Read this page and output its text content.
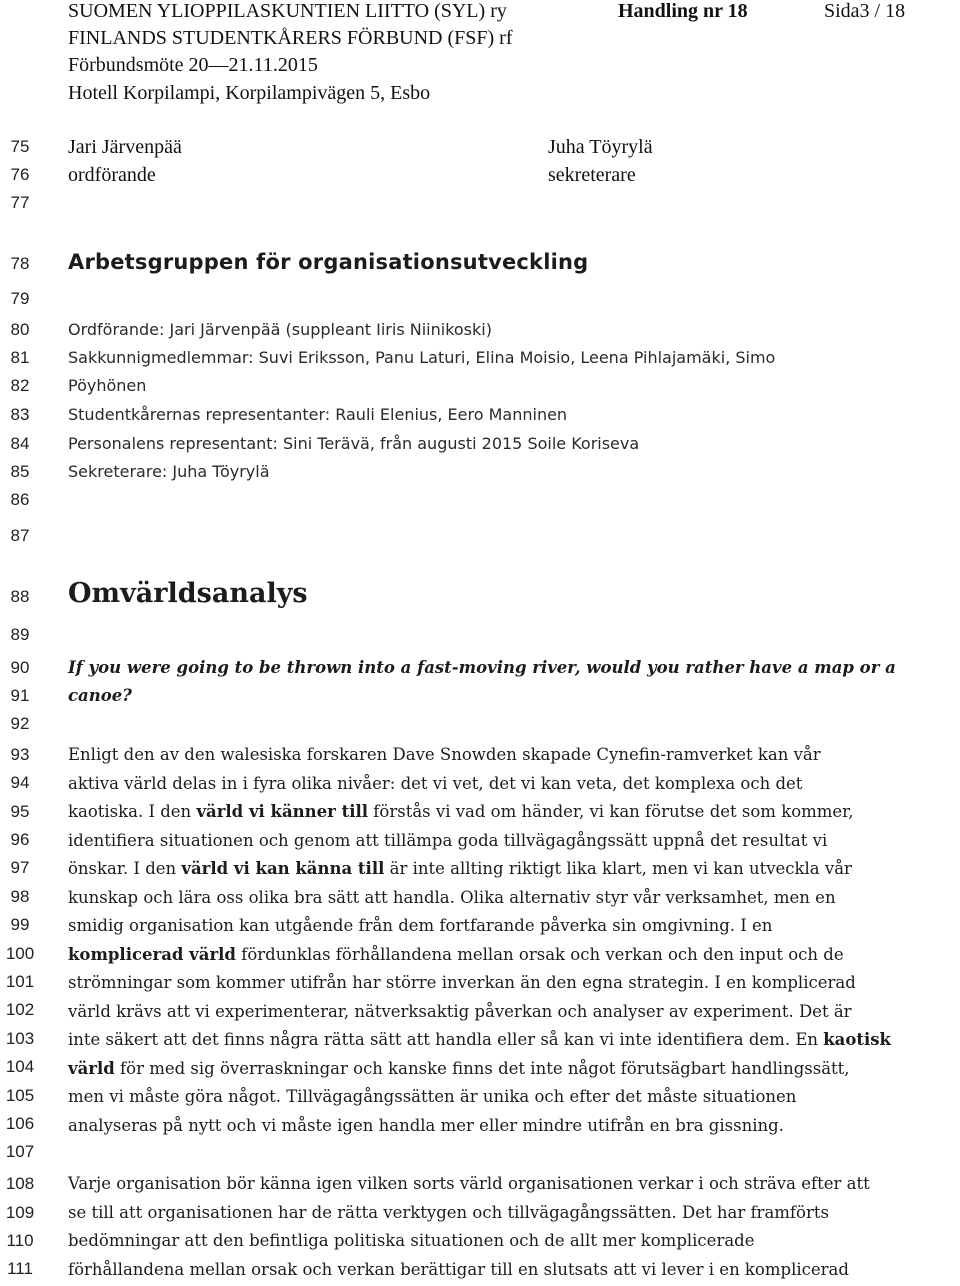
SUOMEN YLIOPPILASKUNTIEN LIITTO (SYL) ry	Handling nr 18	Sida3 / 18
FINLANDS STUDENTKÅRERS FÖRBUND (FSF) rf
Förbundsmöte 20—21.11.2015
Hotell Korpilampi, Korpilampivägen 5, Esbo
75
76
77
78
79
80
81
82
83
84
85
86
87
88
89
90
91
92
93
94
95
96
97
98
99
100
101
102
103
104
105
106
107
108
109
110
111
Jari Järvenpää
ordförande
Juha Töyrylä
sekreterare
Arbetsgruppen för organisationsutveckling
Ordförande: Jari Järvenpää (suppleant Iiris Niinikoski)
Sakkunnigmedlemmar: Suvi Eriksson, Panu Laturi, Elina Moisio, Leena Pihlajamäki, Simo
Pöyhönen
Studentkårernas representanter: Rauli Elenius, Eero Manninen
Personalens representant: Sini Terävä, från augusti 2015 Soile Koriseva
Sekreterare: Juha Töyrylä
Omvärldsanalys
If you were going to be thrown into a fast-moving river, would you rather have a map or a
canoe?
Enligt den av den walesiska forskaren Dave Snowden skapade Cynefin-ramverket kan vår
aktiva värld delas in i fyra olika nivåer: det vi vet, det vi kan veta, det komplexa och det
kaotiska. I den värld vi känner till förstås vi vad om händer, vi kan förutse det som kommer,
identifiera situationen och genom att tillämpa goda tillvägagångssätt uppnå det resultat vi
önskar. I den värld vi kan känna till är inte allting riktigt lika klart, men vi kan utveckla vår
kunskap och lära oss olika bra sätt att handla. Olika alternativ styr vår verksamhet, men en
smidig organisation kan utgående från dem fortfarande påverka sin omgivning. I en
komplicerad värld fördunklas förhållandena mellan orsak och verkan och den input och de
strömningar som kommer utifrån har större inverkan än den egna strategin. I en komplicerad
värld krävs att vi experimenterar, nätverksaktig påverkan och analyser av experiment. Det är
inte säkert att det finns några rätta sätt att handla eller så kan vi inte identifiera dem. En kaotisk
värld för med sig överraskningar och kanske finns det inte något förutsägbart handlingssätt,
men vi måste göra något. Tillvägagångssätten är unika och efter det måste situationen
analyseras på nytt och vi måste igen handla mer eller mindre utifrån en bra gissning.
Varje organisation bör känna igen vilken sorts värld organisationen verkar i och sträva efter att
se till att organisationen har de rätta verktygen och tillvägagångssätten. Det har framförts
bedömningar att den befintliga politiska situationen och de allt mer komplicerade
förhållandena mellan orsak och verkan berättigar till en slutsats att vi lever i en komplicerad
